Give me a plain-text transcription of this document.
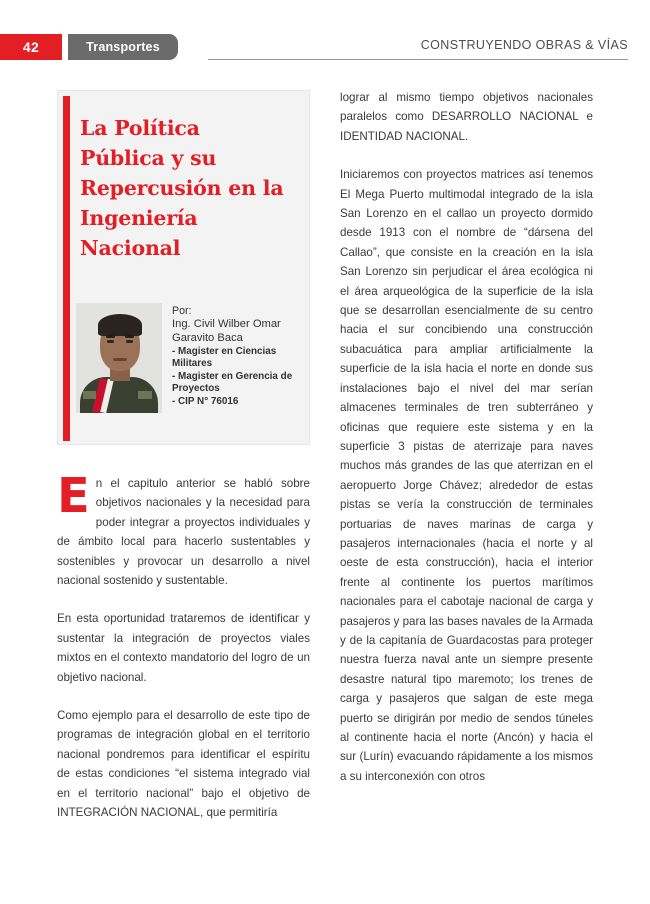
42	Transportes	CONSTRUYENDO OBRAS & VÍAS
La Política Pública y su Repercusión en la Ingeniería Nacional
Por:
Ing. Civil Wilber Omar Garavito Baca

- Magister en Ciencias Militares
- Magister en Gerencia de Proyectos
- CIP N° 76016

En el capitulo anterior se habló sobre objetivos nacionales y la necesidad para poder integrar a proyectos individuales y de ámbito local para hacerlo sustentables y sostenibles y provocar un desarrollo a nivel nacional sostenido y sustentable.

En esta oportunidad trataremos de identificar y sustentar la integración de proyectos viales mixtos en el contexto mandatorio del logro de un objetivo nacional.

Como ejemplo para el desarrollo de este tipo de programas de integración global en el territorio nacional pondremos para identificar el espíritu de estas condiciones “el sistema integrado vial en el territorio nacional” bajo el objetivo de INTEGRACIÓN NACIONAL, que permitiría

lograr al mismo tiempo objetivos nacionales paralelos como DESARROLLO NACIONAL e IDENTIDAD NACIONAL.

Iniciaremos con proyectos matrices así tenemos El Mega Puerto multimodal integrado de la isla San Lorenzo en el callao un proyecto dormido desde 1913 con el nombre de “dársena del Callao”, que consiste en la creación en la isla San Lorenzo sin perjudicar el área ecológica ni el área arqueológica de la superficie de la isla que se desarrollan esencialmente de su centro hacia el sur concibiendo una construcción subacuática para ampliar artificialmente la superficie de la isla hacia el norte en donde sus instalaciones bajo el nivel del mar serían almacenes terminales de tren subterráneo y oficinas que requiere este sistema y en la superficie 3 pistas de aterrizaje para naves muchos más grandes de las que aterrizan en el aeropuerto Jorge Chávez; alrededor de estas pistas se vería la construcción de terminales portuarias de naves marinas de carga y pasajeros internacionales (hacia el norte y al oeste de esta construcción), hacia el interior frente al continente los puertos marítimos nacionales para el cabotaje nacional de carga y pasajeros y para las bases navales de la Armada y de la capitanía de Guardacostas para proteger nuestra fuerza naval ante un siempre presente desastre natural tipo maremoto; los trenes de carga y pasajeros que salgan de este mega puerto se dirigirán por medio de sendos túneles al continente hacia el norte (Ancón) y hacia el sur (Lurín) evacuando rápidamente a los mismos a su interconexión con otros
